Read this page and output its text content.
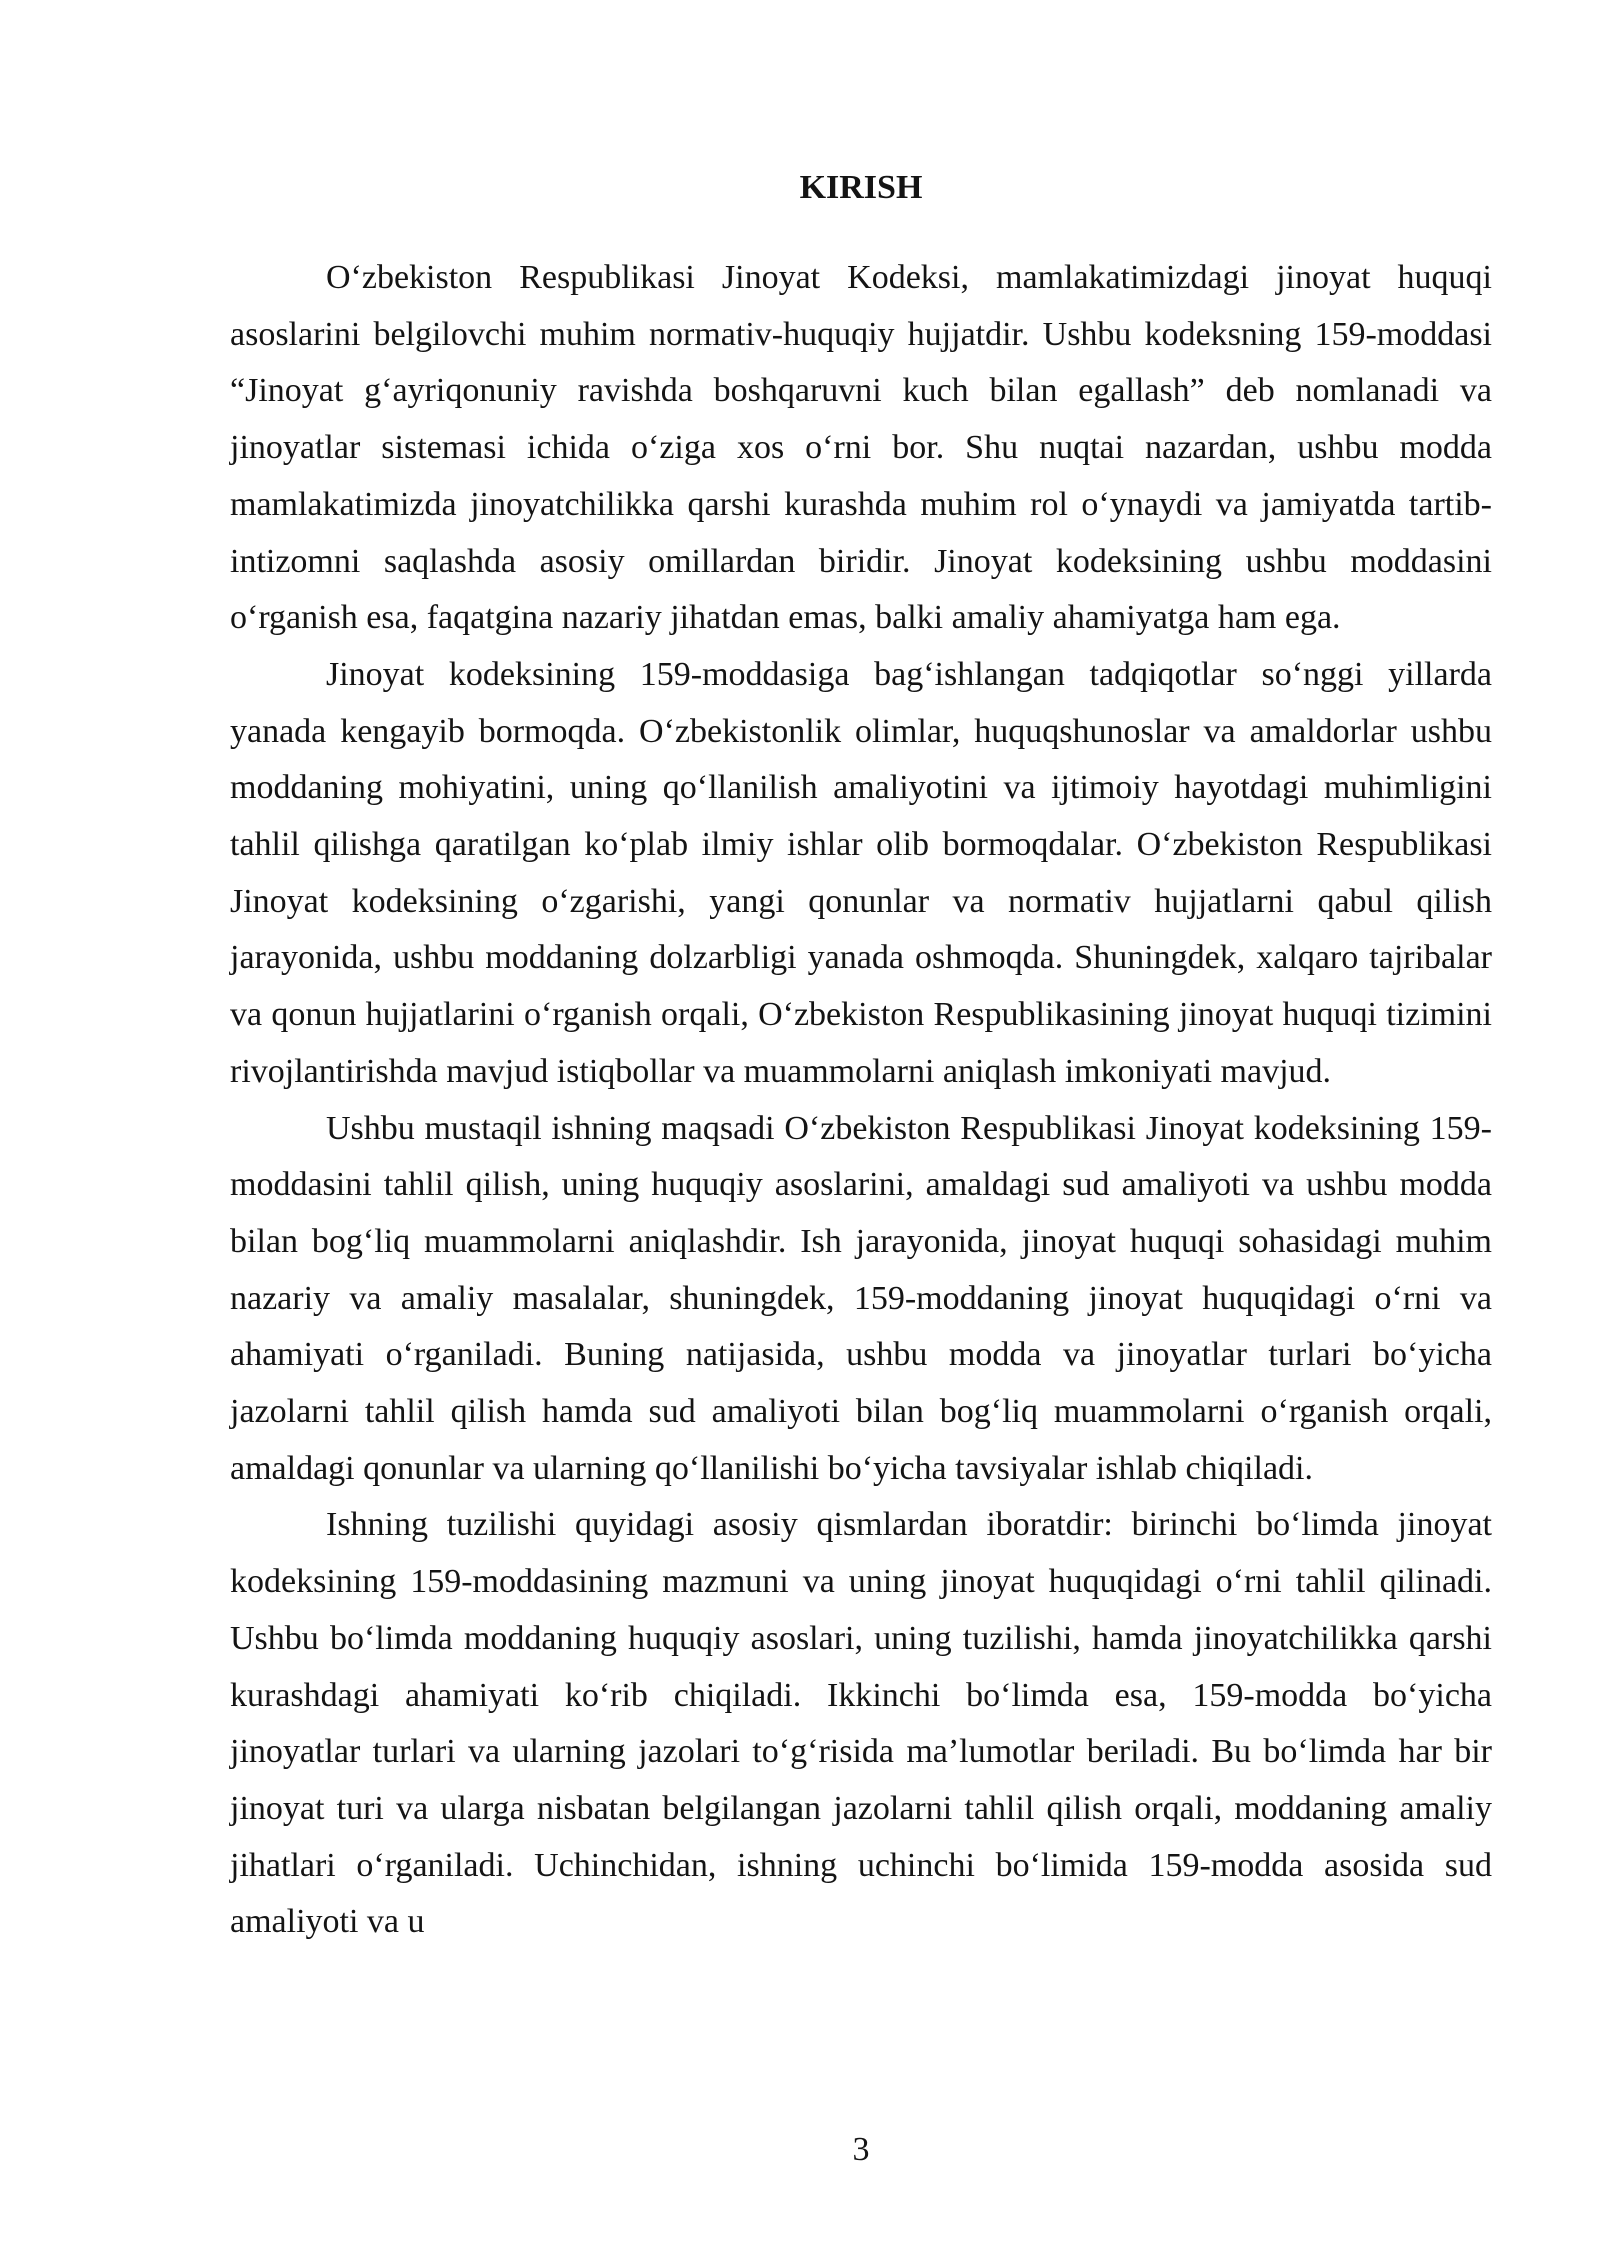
KIRISH

O‘zbekiston Respublikasi Jinoyat Kodeksi, mamlakatimizdagi jinoyat huquqi asoslarini belgilovchi muhim normativ-huquqiy hujjatdir. Ushbu kodeksning 159-moddasi “Jinoyat g‘ayriqonuniy ravishda boshqaruvni kuch bilan egallash” deb nomlanadi va jinoyatlar sistemasi ichida o‘ziga xos o‘rni bor. Shu nuqtai nazardan, ushbu modda mamlakatimizda jinoyatchilikka qarshi kurashda muhim rol o‘ynaydi va jamiyatda tartib-intizomni saqlashda asosiy omillardan biridir. Jinoyat kodeksining ushbu moddasini o‘rganish esa, faqatgina nazariy jihatdan emas, balki amaliy ahamiyatga ham ega.

Jinoyat kodeksining 159-moddasiga bag‘ishlangan tadqiqotlar so‘nggi yillarda yanada kengayib bormoqda. O‘zbekistonlik olimlar, huquqshunoslar va amaldorlar ushbu moddaning mohiyatini, uning qo‘llanilish amaliyotini va ijtimoiy hayotdagi muhimligini tahlil qilishga qaratilgan ko‘plab ilmiy ishlar olib bormoqdalar. O‘zbekiston Respublikasi Jinoyat kodeksining o‘zgarishi, yangi qonunlar va normativ hujjatlarni qabul qilish jarayonida, ushbu moddaning dolzarbligi yanada oshmoqda. Shuningdek, xalqaro tajribalar va qonun hujjatlarini o‘rganish orqali, O‘zbekiston Respublikasining jinoyat huquqi tizimini rivojlantirishda mavjud istiqbollar va muammolarni aniqlash imkoniyati mavjud.

Ushbu mustaqil ishning maqsadi O‘zbekiston Respublikasi Jinoyat kodeksining 159-moddasini tahlil qilish, uning huquqiy asoslarini, amaldagi sud amaliyoti va ushbu modda bilan bog‘liq muammolarni aniqlashdir. Ish jarayonida, jinoyat huquqi sohasidagi muhim nazariy va amaliy masalalar, shuningdek, 159-moddaning jinoyat huquqidagi o‘rni va ahamiyati o‘rganiladi. Buning natijasida, ushbu modda va jinoyatlar turlari bo‘yicha jazolarni tahlil qilish hamda sud amaliyoti bilan bog‘liq muammolarni o‘rganish orqali, amaldagi qonunlar va ularning qo‘llanilishi bo‘yicha tavsiyalar ishlab chiqiladi.

Ishning tuzilishi quyidagi asosiy qismlardan iboratdir: birinchi bo‘limda jinoyat kodeksining 159-moddasining mazmuni va uning jinoyat huquqidagi o‘rni tahlil qilinadi. Ushbu bo‘limda moddaning huquqiy asoslari, uning tuzilishi, hamda jinoyatchilikka qarshi kurashdagi ahamiyati ko‘rib chiqiladi. Ikkinchi bo‘limda esa, 159-modda bo‘yicha jinoyatlar turlari va ularning jazolari to‘g‘risida ma’lumotlar beriladi. Bu bo‘limda har bir jinoyat turi va ularga nisbatan belgilangan jazolarni tahlil qilish orqali, moddaning amaliy jihatlari o‘rganiladi. Uchinchidan, ishning uchinchi bo‘limida 159-modda asosida sud amaliyoti va u

3
